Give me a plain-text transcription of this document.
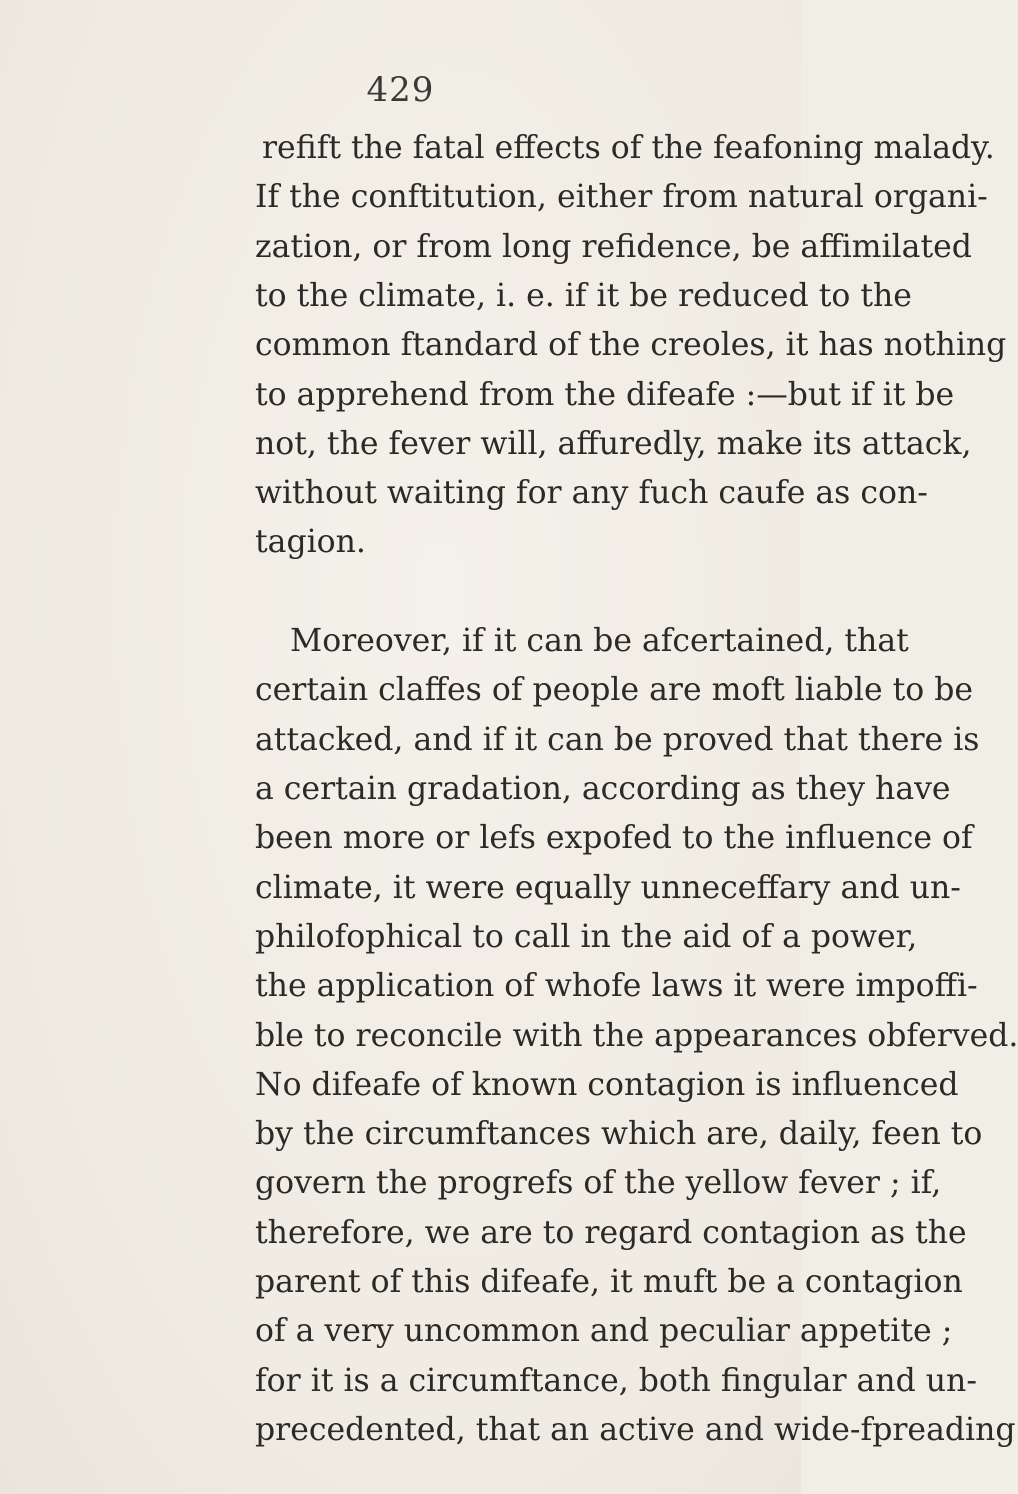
429
refift the fatal effects of the feafoning malady.
If the conftitution, either from natural organi-
zation, or from long refidence, be affimilated
to the climate, i. e. if it be reduced to the
common ftandard of the creoles, it has nothing
to apprehend from the difeafe :—but if it be
not, the fever will, affuredly, make its attack,
without waiting for any fuch caufe as con-
tagion.
Moreover, if it can be afcertained, that
certain claffes of people are moft liable to be
attacked, and if it can be proved that there is
a certain gradation, according as they have
been more or lefs expofed to the influence of
climate, it were equally unneceffary and un-
philofophical to call in the aid of a power,
the application of whofe laws it were impoffi-
ble to reconcile with the appearances obferved.
No difeafe of known contagion is influenced
by the circumftances which are, daily, feen to
govern the progrefs of the yellow fever ; if,
therefore, we are to regard contagion as the
parent of this difeafe, it muft be a contagion
of a very uncommon and peculiar appetite ;
for it is a circumftance, both fingular and un-
precedented, that an active and wide-fpreading
